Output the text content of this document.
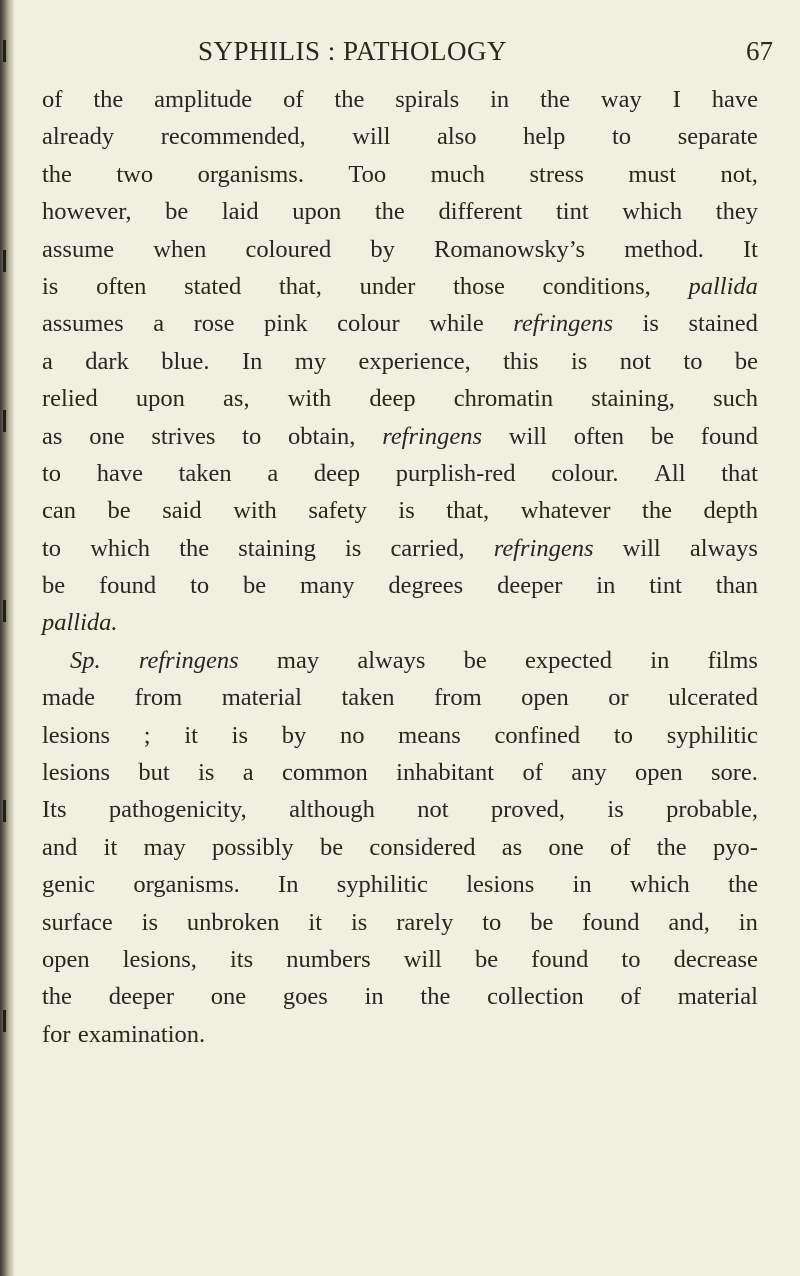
SYPHILIS : PATHOLOGY	67
of the amplitude of the spirals in the way I have
already recommended, will also help to separate
the two organisms. Too much stress must not,
however, be laid upon the different tint which they
assume when coloured by Romanowsky’s method. It
is often stated that, under those conditions, pallida
assumes a rose pink colour while refringens is stained
a dark blue. In my experience, this is not to be
relied upon as, with deep chromatin staining, such
as one strives to obtain, refringens will often be found
to have taken a deep purplish-red colour. All that
can be said with safety is that, whatever the depth
to which the staining is carried, refringens will always
be found to be many degrees deeper in tint than
pallida.
Sp. refringens may always be expected in films
made from material taken from open or ulcerated
lesions ; it is by no means confined to syphilitic
lesions but is a common inhabitant of any open sore.
Its pathogenicity, although not proved, is probable,
and it may possibly be considered as one of the pyo-
genic organisms. In syphilitic lesions in which the
surface is unbroken it is rarely to be found and, in
open lesions, its numbers will be found to decrease
the deeper one goes in the collection of material
for examination.
